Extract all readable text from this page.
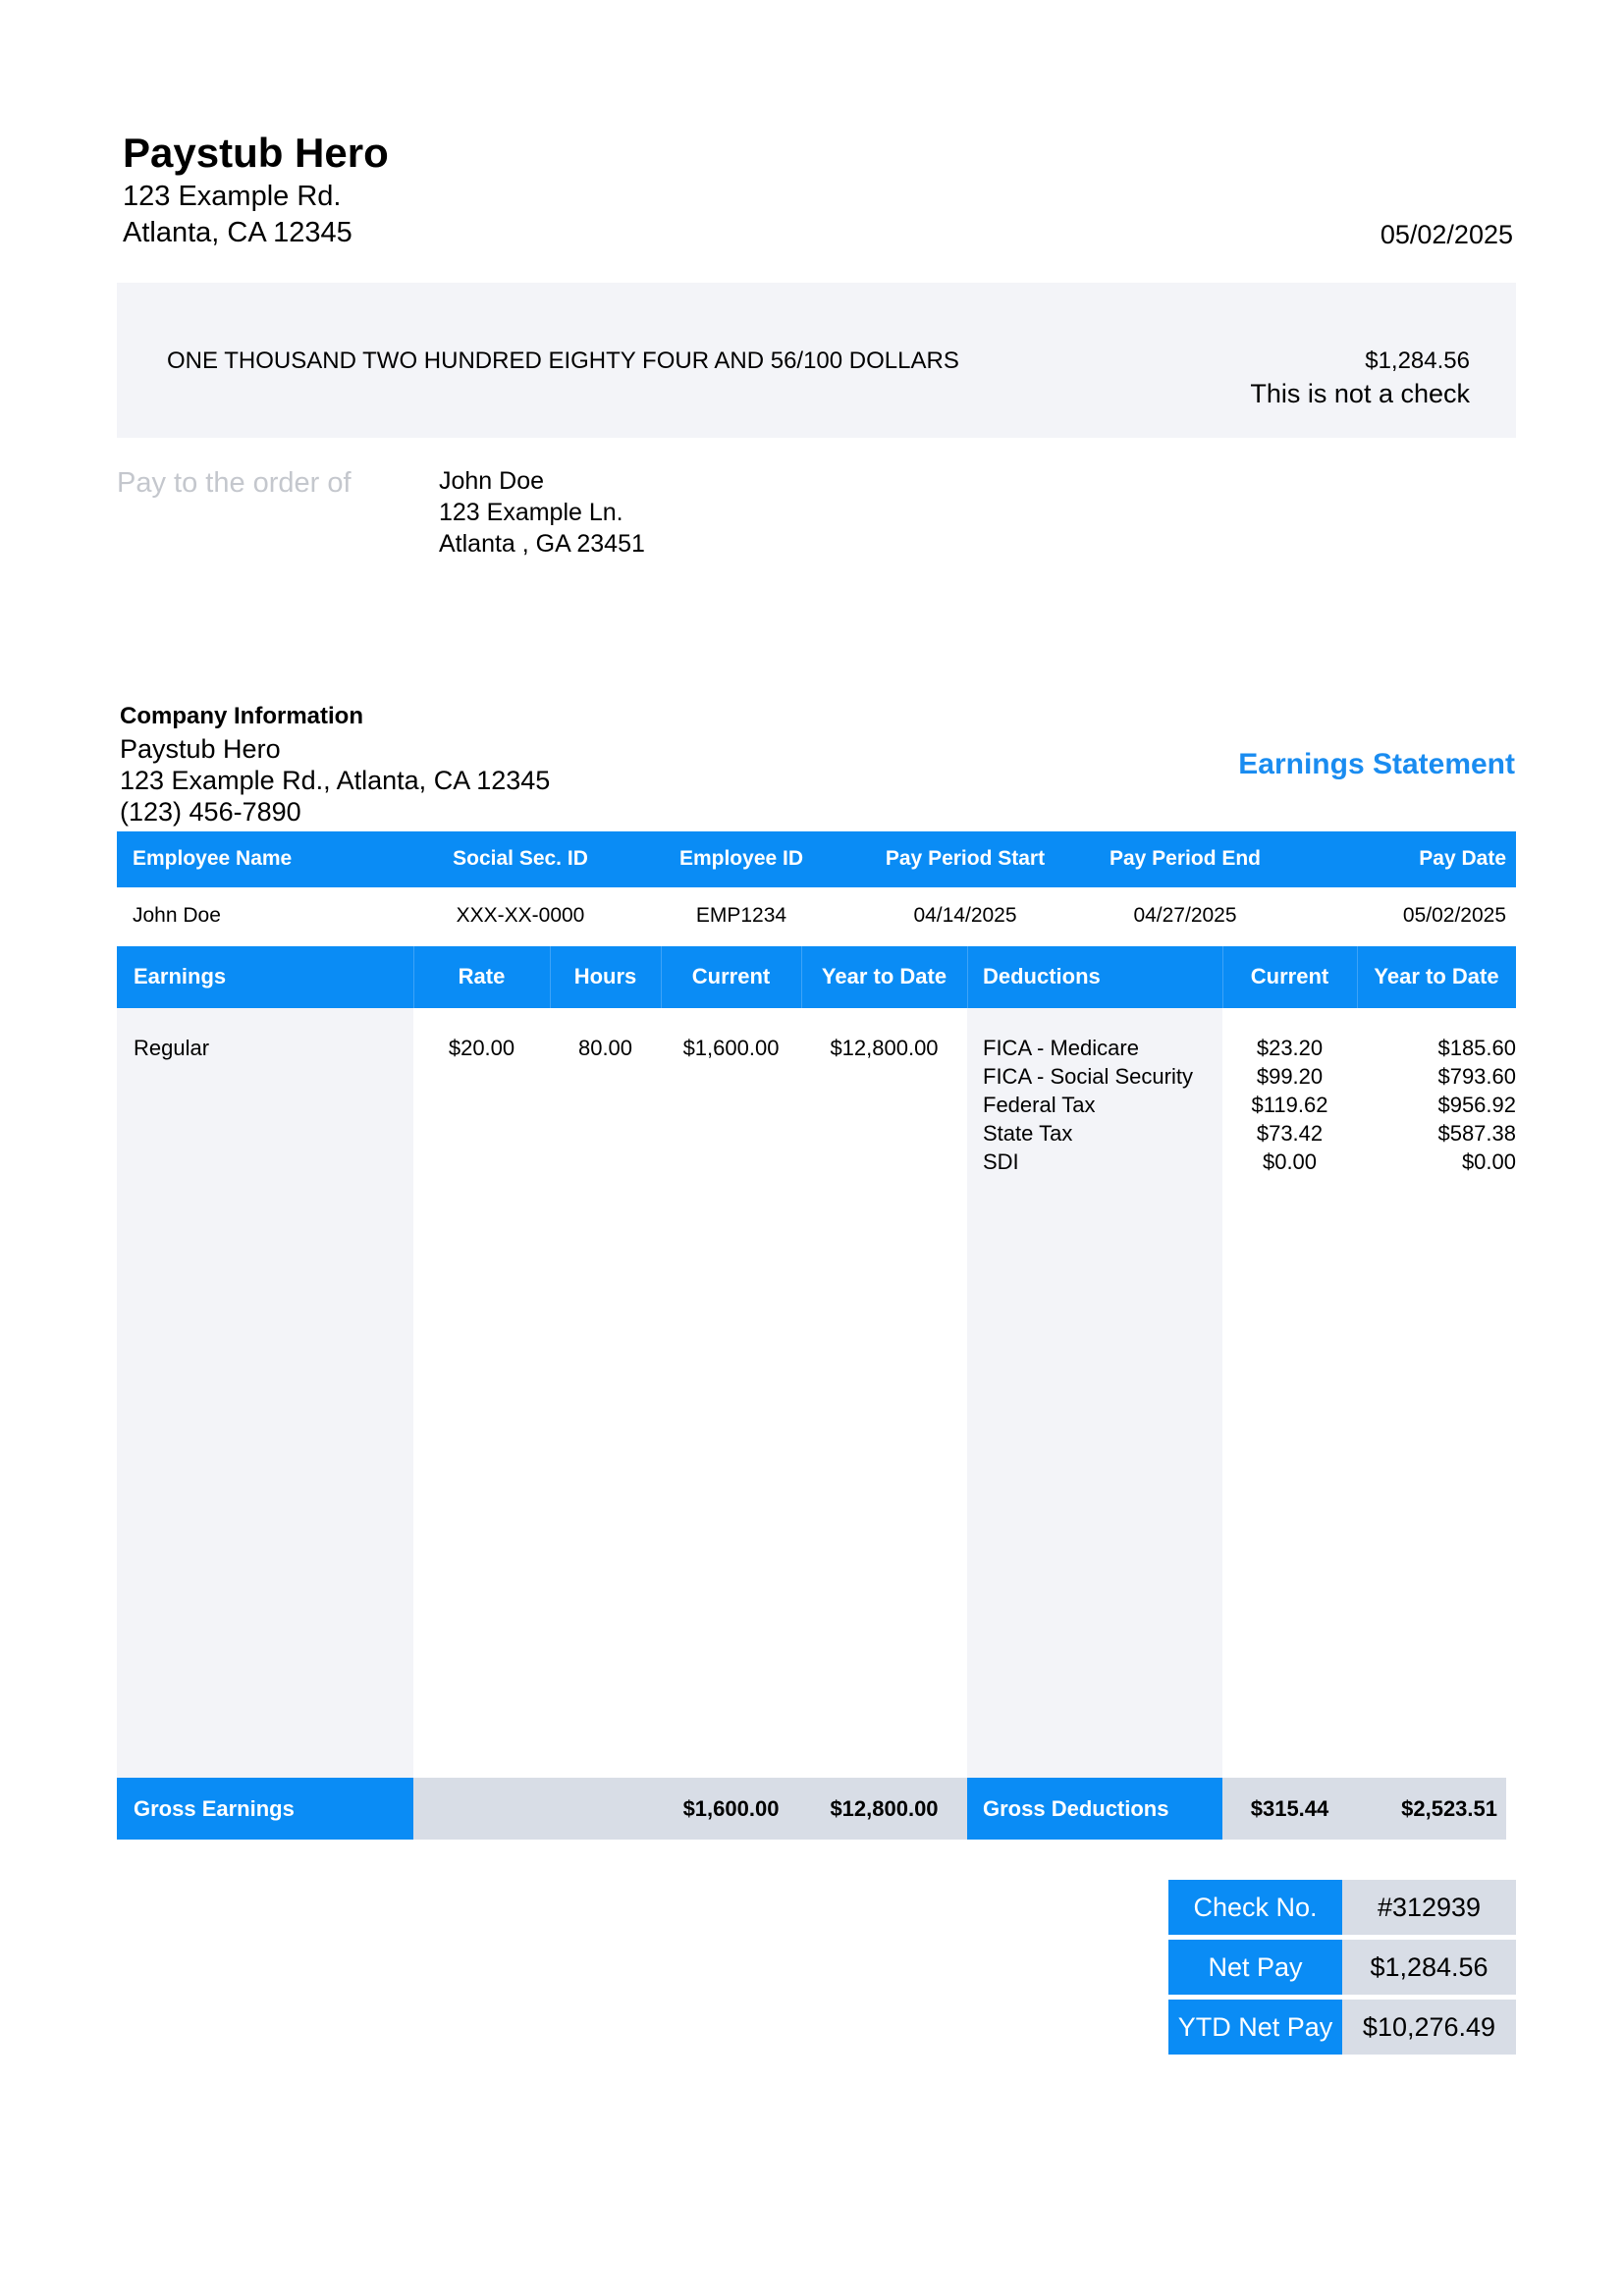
Paystub Hero
123 Example Rd.
Atlanta, CA 12345	05/02/2025
ONE THOUSAND TWO HUNDRED EIGHTY FOUR AND 56/100 DOLLARS	$1,284.56
This is not a check
Pay to the order of	John Doe
123 Example Ln.
Atlanta , GA 23451
Company Information
Paystub Hero
123 Example Rd., Atlanta, CA 12345
(123) 456-7890
Earnings Statement
Employee Name	Social Sec. ID	Employee ID	Pay Period Start	Pay Period End	Pay Date
John Doe	XXX-XX-0000	EMP1234	04/14/2025	04/27/2025	05/02/2025
Earnings	Rate	Hours	Current	Year to Date	Deductions	Current	Year to Date
Regular	$20.00	80.00	$1,600.00	$12,800.00	FICA - Medicare	$23.20	$185.60
FICA - Social Security	$99.20	$793.60
Federal Tax	$119.62	$956.92
State Tax	$73.42	$587.38
SDI	$0.00	$0.00
Gross Earnings	$1,600.00	$12,800.00	Gross Deductions	$315.44	$2,523.51
Check No.	#312939
Net Pay	$1,284.56
YTD Net Pay	$10,276.49
